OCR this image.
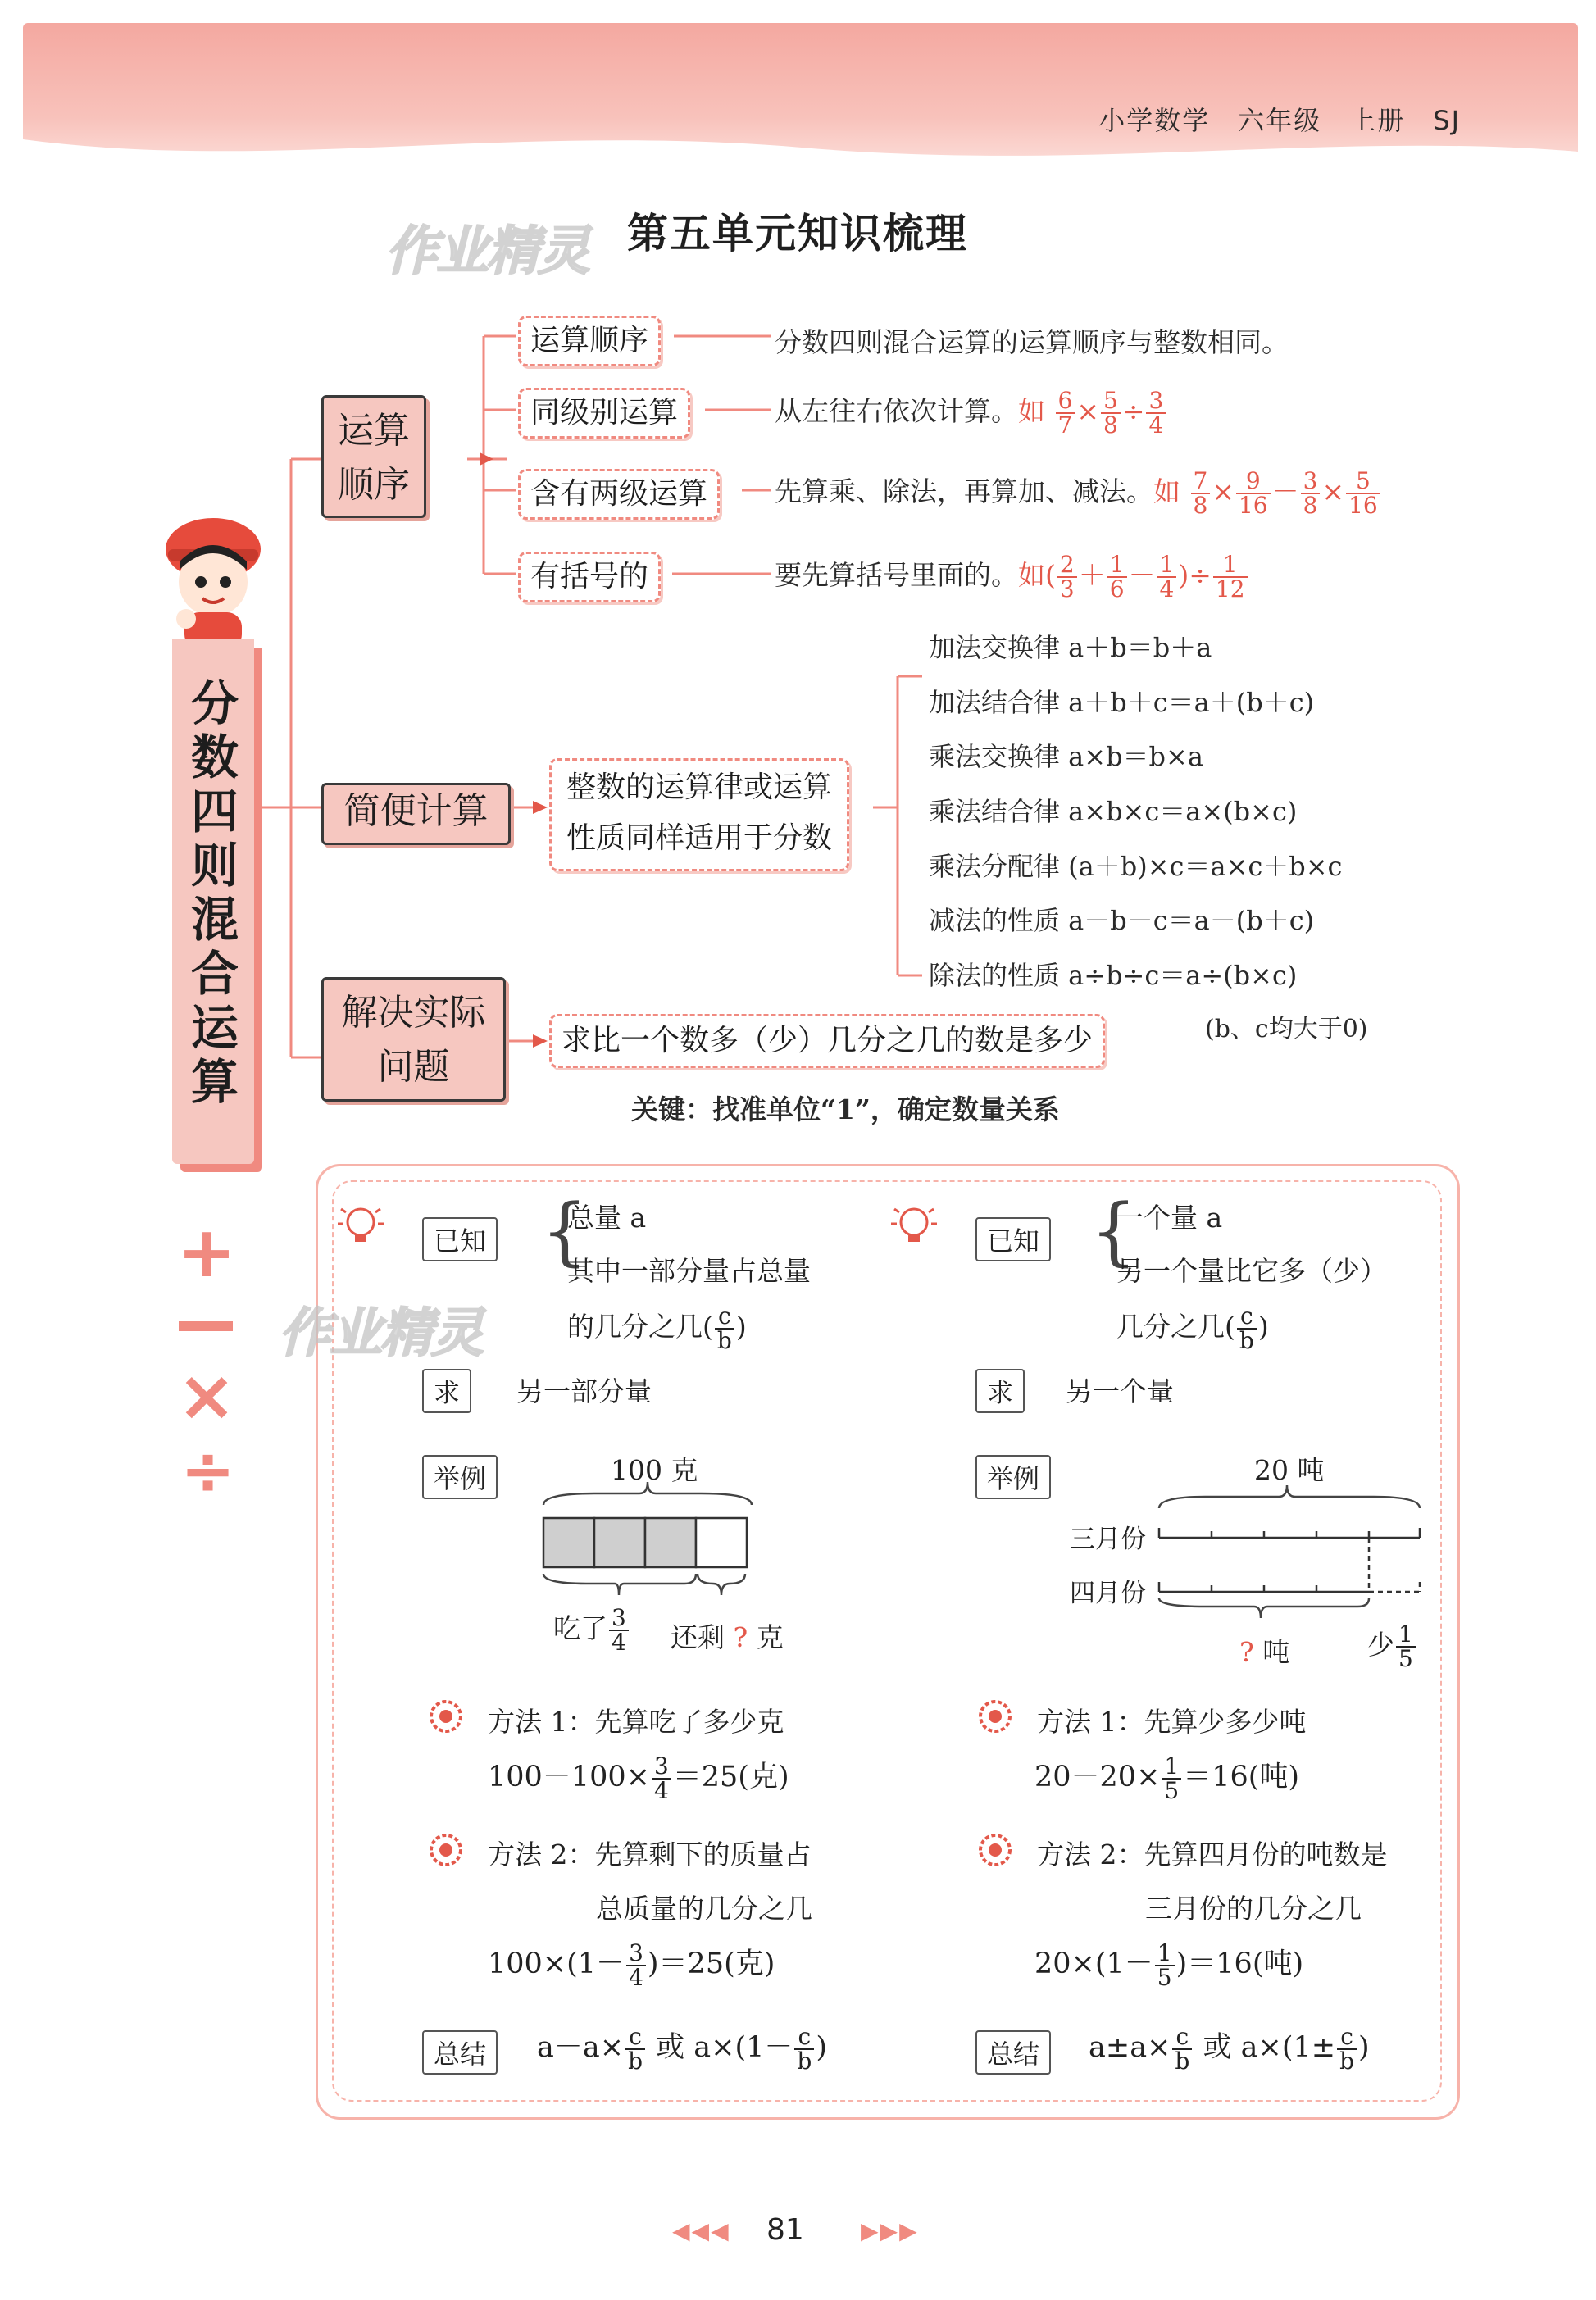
小学数学 六年级 上册 SJ
作业精灵 第五单元知识梳理
分数四则混合运算
+
×
÷
运算顺序
简便计算
解决实际问题
运算顺序	分数四则混合运算的运算顺序与整数相同。
同级别运算	从左往右依次计算。如 $\frac{6}{7} \times \frac{5}{8} \div \frac{3}{4}$
含有两级运算	先算乘、除法，再算加、减法。如 $\frac{7}{8} \times \frac{9}{16} - \frac{3}{8} \times \frac{5}{16}$
有括号的	要先算括号里面的。如( $\frac{2}{3} + \frac{1}{6} - \frac{1}{4}$ )÷ $\frac{1}{12}$
整数的运算律或运算
性质同样适用于分数
加法交换律 a＋b＝b＋a
加法结合律 a＋b＋c＝a＋(b＋c)
乘法交换律 a×b＝b×a
乘法结合律 a×b×c＝a×(b×c)
乘法分配律 (a＋b)×c＝a×c＋b×c
减法的性质 a－b－c＝a－(b＋c)
除法的性质 a÷b÷c＝a÷(b×c)
(b、c均大于0)
求比一个数多（少）几分之几的数是多少
关键：找准单位“1”，确定数量关系
作业精灵
已知 {
总量 a
其中一部分量占总量
的几分之几( $\frac{c}{b}$ )
求	另一部分量
举例	100 克
吃了 $\frac{3}{4}$ 还剩 ? 克
方法 1：先算吃了多少克
$100-100\times \frac{3}{4} =25$(克)
方法 2：先算剩下的质量占
总质量的几分之几
$100\times(1- \frac{3}{4} )=25$(克)
总结	$a-a\times \frac{c}{b}$ 或 $a\times(1- \frac{c}{b}$ )
已知 {
一个量 a
另一个量比它多（少）
几分之几( $\frac{c}{b}$ )
求	另一个量
举例	20 吨
三月份
四月份
? 吨	少 $\frac{1}{5}$
方法 1：先算少多少吨
$20-20\times \frac{1}{5} =16$(吨)
方法 2：先算四月份的吨数是
三月份的几分之几
$20\times(1- \frac{1}{5} )=16$(吨)
总结	$a\pm a\times \frac{c}{b}$ 或 $a\times(1\pm \frac{c}{b}$ )
◀◀◀ 81 ▶▶▶
